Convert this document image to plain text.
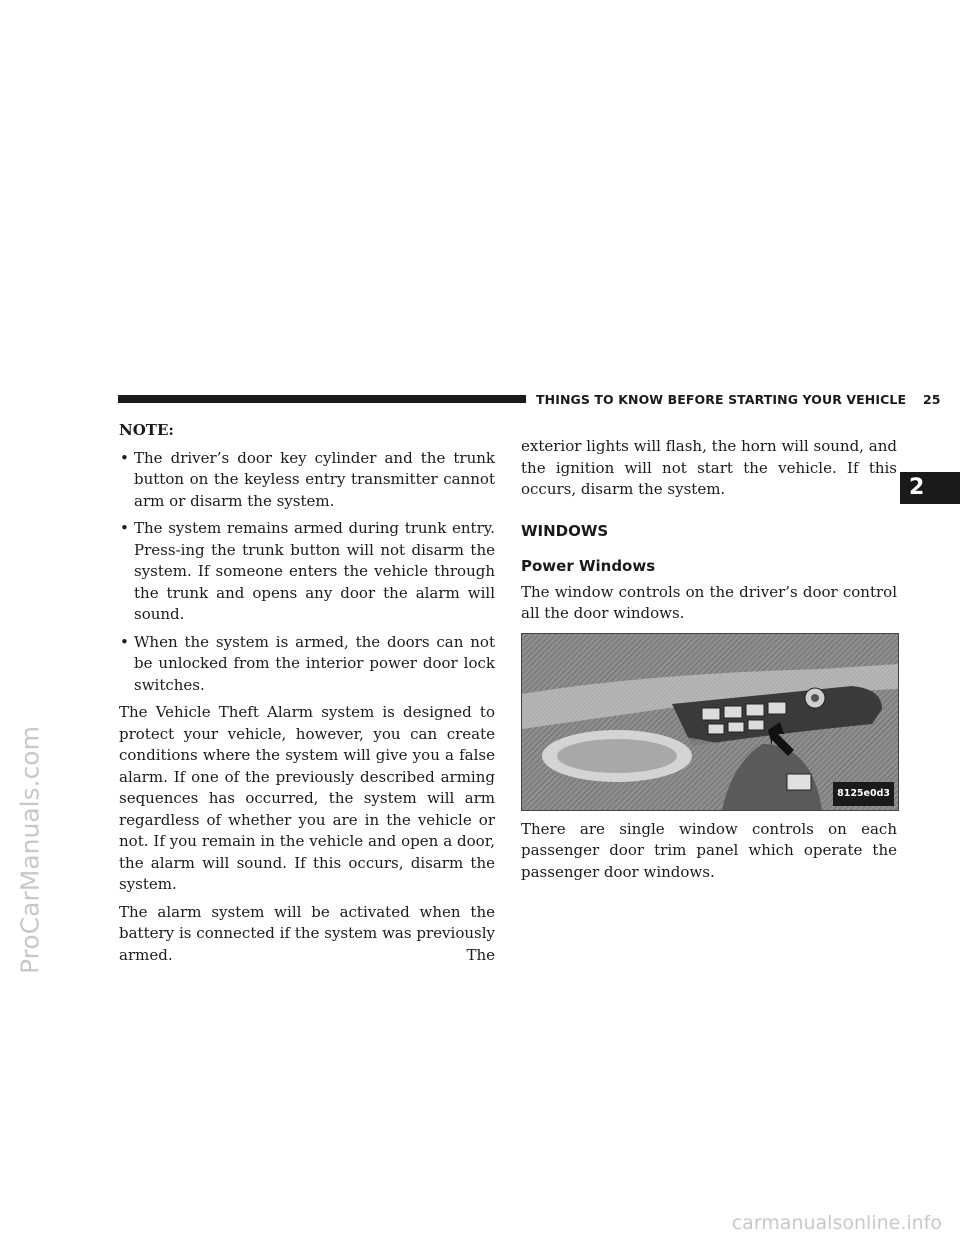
THINGS TO KNOW BEFORE STARTING YOUR VEHICLE 25
2
ProCarManuals.com
carmanualsonline.info

NOTE:

• The driver’s door key cylinder and the trunk button on the keyless entry transmitter cannot arm or disarm the system.
• The system remains armed during trunk entry. Press-ing the trunk button will not disarm the system. If someone enters the vehicle through the trunk and opens any door the alarm will sound.
• When the system is armed, the doors can not be unlocked from the interior power door lock switches.

The Vehicle Theft Alarm system is designed to protect your vehicle, however, you can create conditions where the system will give you a false alarm. If one of the previously described arming sequences has occurred, the system will arm regardless of whether you are in the vehicle or not. If you remain in the vehicle and open a door, the alarm will sound. If this occurs, disarm the system.

The alarm system will be activated when the battery is connected if the system was previously armed. The

exterior lights will flash, the horn will sound, and the ignition will not start the vehicle. If this occurs, disarm the system.

WINDOWS
Power Windows

The window controls on the driver’s door control all the door windows.

8125e0d3

There are single window controls on each passenger door trim panel which operate the passenger door windows.
